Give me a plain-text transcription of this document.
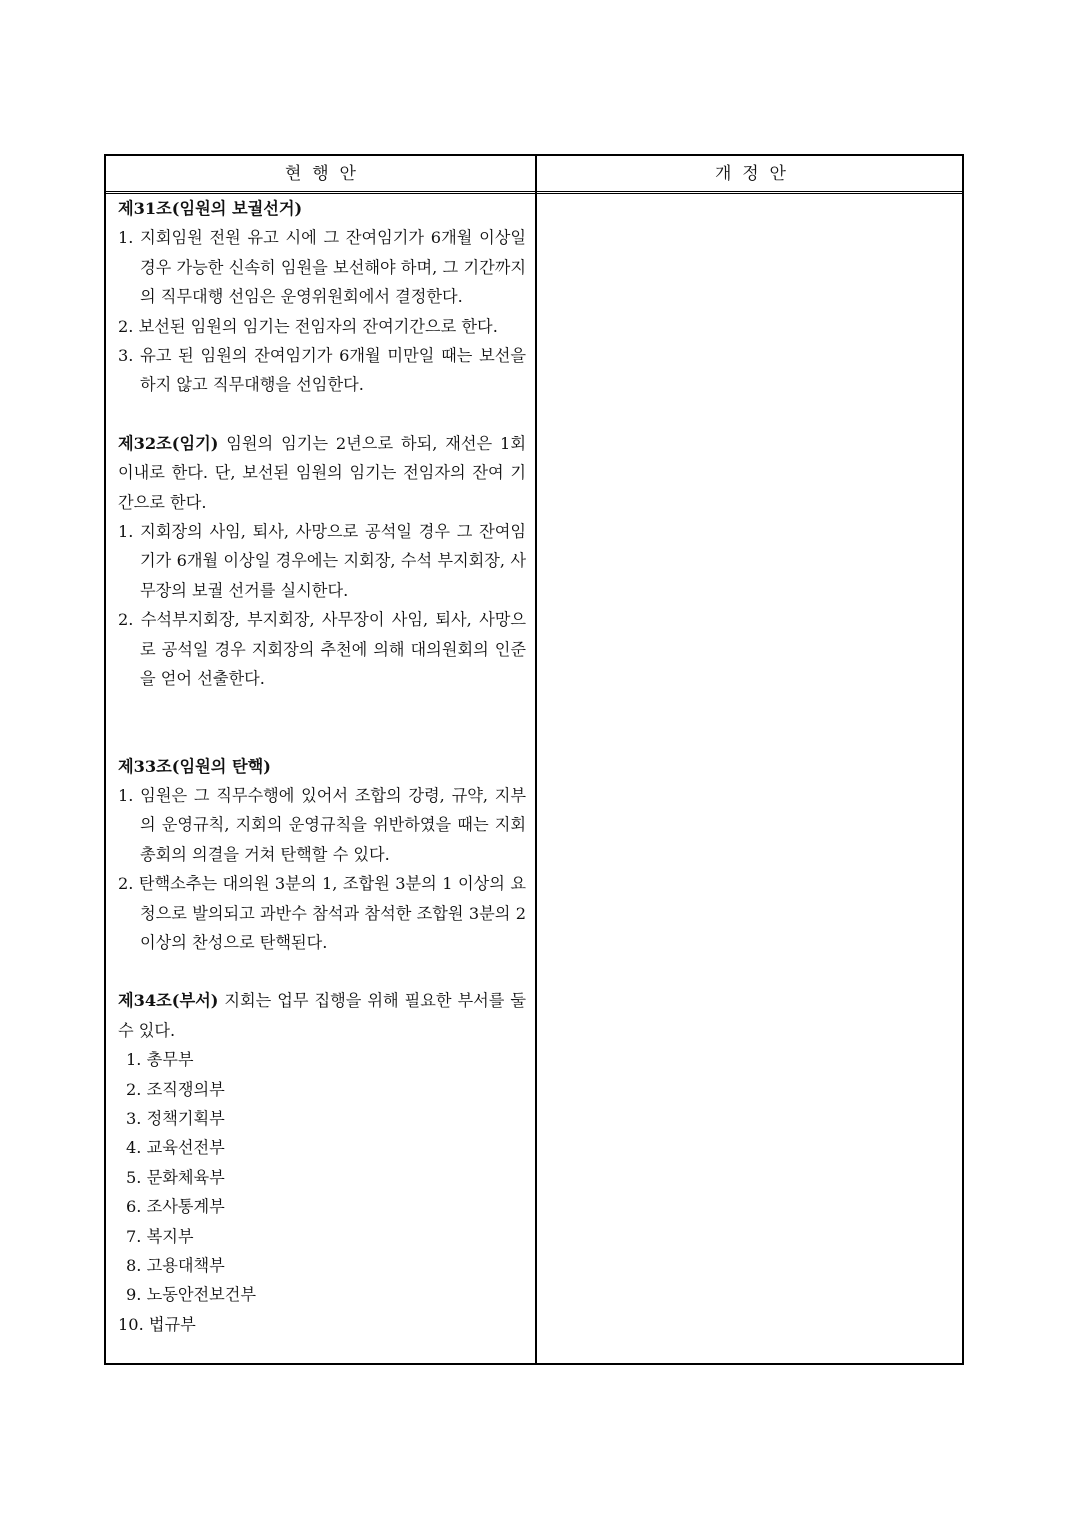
현  행  안	개  정  안

제31조(임원의 보궐선거)

1. 지회임원 전원 유고 시에 그 잔여임기가 6개월 이상일 경우 가능한 신속히 임원을 보선해야 하며, 그 기간까지의 직무대행 선임은 운영위원회에서 결정한다.

2. 보선된 임원의 임기는 전임자의 잔여기간으로 한다.

3. 유고 된 임원의 잔여임기가 6개월 미만일 때는 보선을 하지 않고 직무대행을 선임한다.

제32조(임기) 임원의 임기는 2년으로 하되, 재선은 1회 이내로 한다. 단, 보선된 임원의 임기는 전임자의 잔여 기간으로 한다.

1. 지회장의 사임, 퇴사, 사망으로 공석일 경우 그 잔여임기가 6개월 이상일 경우에는 지회장, 수석 부지회장, 사무장의 보궐 선거를 실시한다.

2. 수석부지회장, 부지회장, 사무장이 사임, 퇴사, 사망으로 공석일 경우 지회장의 추천에 의해 대의원회의 인준을 얻어 선출한다.

제33조(임원의 탄핵)

1. 임원은 그 직무수행에 있어서 조합의 강령, 규약, 지부의 운영규칙, 지회의 운영규칙을 위반하였을 때는 지회 총회의 의결을 거쳐 탄핵할 수 있다.

2. 탄핵소추는 대의원 3분의 1, 조합원 3분의 1 이상의 요청으로 발의되고 과반수 참석과 참석한 조합원 3분의 2 이상의 찬성으로 탄핵된다.

제34조(부서) 지회는 업무 집행을 위해 필요한 부서를 둘 수 있다.

1. 총무부

2. 조직쟁의부

3. 정책기획부

4. 교육선전부

5. 문화체육부

6. 조사통계부

7. 복지부

8. 고용대책부

9. 노동안전보건부

10. 법규부
